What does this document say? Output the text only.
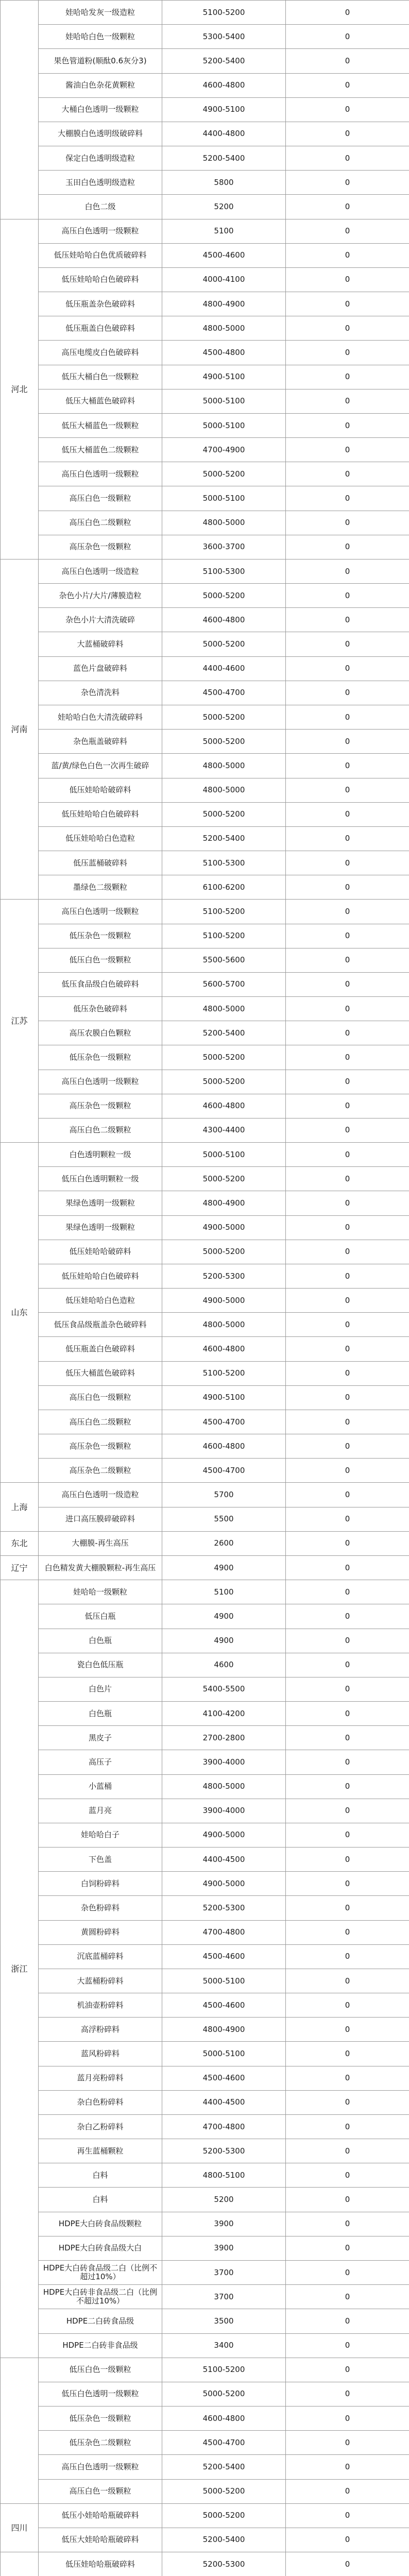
	娃哈哈发灰一级造粒	5100-5200	0
	娃哈哈白色一级颗粒	5300-5400	0
	果色管道粉(顺酞0.6灰分3)	5200-5400	0
	酱油白色杂花黄颗粒	4600-4800	0
	大桶白色透明一级颗粒	4900-5100	0
	大棚膜白色透明级破碎料	4400-4800	0
	保定白色透明级造粒	5200-5400	0
	玉田白色透明级造粒	5800	0
	白色二级	5200	0
河北	高压白色透明一级颗粒	5100	0
	低压娃哈哈白色优质破碎料	4500-4600	0
	低压娃哈哈白色破碎料	4000-4100	0
	低压瓶盖杂色破碎料	4800-4900	0
	低压瓶盖白色破碎料	4800-5000	0
	高压电缆皮白色破碎料	4500-4800	0
	低压大桶白色一级颗粒	4900-5100	0
	低压大桶蓝色破碎料	5000-5100	0
	低压大桶蓝色一级颗粒	5000-5100	0
	低压大桶蓝色二级颗粒	4700-4900	0
	高压白色透明一级颗粒	5000-5200	0
	高压白色一级颗粒	5000-5100	0
	高压白色二级颗粒	4800-5000	0
	高压杂色一级颗粒	3600-3700	0
河南	高压白色透明一级造粒	5100-5300	0
	杂色小片/大片/薄膜造粒	5000-5200	0
	杂色小片大清洗破碎	4600-4800	0
	大蓝桶破碎料	5000-5200	0
	蓝色片盘破碎料	4400-4600	0
	杂色清洗料	4500-4700	0
	娃哈哈白色大清洗破碎料	5000-5200	0
	杂色瓶盖破碎料	5000-5200	0
	蓝/黄/绿色白色一次再生破碎	4800-5000	0
	低压娃哈哈破碎料	4800-5000	0
	低压娃哈哈白色破碎料	5000-5200	0
	低压娃哈哈白色造粒	5200-5400	0
	低压蓝桶破碎料	5100-5300	0
	墨绿色二级颗粒	6100-6200	0
江苏	高压白色透明一级颗粒	5100-5200	0
	低压杂色一级颗粒	5100-5200	0
	低压白色一级颗粒	5500-5600	0
	低压食品级白色破碎料	5600-5700	0
	低压杂色破碎料	4800-5000	0
	高压农膜白色颗粒	5200-5400	0
	低压杂色一级颗粒	5000-5200	0
	高压白色透明一级颗粒	5000-5200	0
	高压杂色一级颗粒	4600-4800	0
	高压白色二级颗粒	4300-4400	0
山东	白色透明颗粒一级	5000-5100	0
	低压白色透明颗粒一级	5000-5200	0
	果绿色透明一级颗粒	4800-4900	0
	果绿色透明一级颗粒	4900-5000	0
	低压娃哈哈破碎料	5000-5200	0
	低压娃哈哈白色破碎料	5200-5300	0
	低压娃哈哈白色造粒	4900-5000	0
	低压食品级瓶盖杂色破碎料	4800-5000	0
	低压瓶盖白色破碎料	4600-4800	0
	低压大桶蓝色破碎料	5100-5200	0
	高压白色一级颗粒	4900-5100	0
	高压白色二级颗粒	4500-4700	0
	高压杂色一级颗粒	4600-4800	0
	高压杂色二级颗粒	4500-4700	0
上海	高压白色透明一级造粒	5700	0
	进口高压膜碎破碎料	5500	0
东北	大棚膜-再生高压	2600	0
辽宁	白色精发黄大棚膜颗粒-再生高压	4900	0
浙江	娃哈哈一级颗粒	5100	0
	低压白瓶	4900	0
	白色瓶	4900	0
	瓷白色低压瓶	4600	0
	白色片	5400-5500	0
	白色瓶	4100-4200	0
	黑皮子	2700-2800	0
	高压子	3900-4000	0
	小蓝桶	4800-5000	0
	蓝月亮	3900-4000	0
	娃哈哈白子	4900-5000	0
	下色盖	4400-4500	0
	白饲粉碎料	4900-5000	0
	杂色粉碎料	5200-5300	0
	黄圆粉碎料	4700-4800	0
	沉底蓝桶碎料	4500-4600	0
	大蓝桶粉碎料	5000-5100	0
	机油壶粉碎料	4500-4600	0
	高浮粉碎料	4800-4900	0
	蓝风粉碎料	5000-5100	0
	蓝月亮粉碎料	4500-4600	0
	杂白色粉碎料	4400-4500	0
	杂白乙粉碎料	4700-4800	0
	再生蓝桶颗粒	5200-5300	0
	白料	4800-5100	0
	白料	5200	0
	HDPE大白砖食品级颗粒	3900	0
	HDPE大白砖食品级大白	3900	0
	HDPE大白砖食品级二白（比例不超过10%）	3700	0
	HDPE大白砖非食品级二白（比例不超过10%）	3700	0
	HDPE二白砖食品级	3500	0
	HDPE二白砖非食品级	3400	0
	低压白色一级颗粒	5100-5200	0
	低压白色透明一级颗粒	5000-5200	0
	低压杂色一级颗粒	4600-4800	0
	低压杂色二级颗粒	4500-4700	0
	高压白色透明一级颗粒	5200-5400	0
	高压白色一级颗粒	5000-5200	0
四川	低压小娃哈哈瓶破碎料	5000-5200	0
	低压大娃哈哈瓶破碎料	5200-5400	0
	低压娃哈哈瓶破碎料	5200-5300	0
